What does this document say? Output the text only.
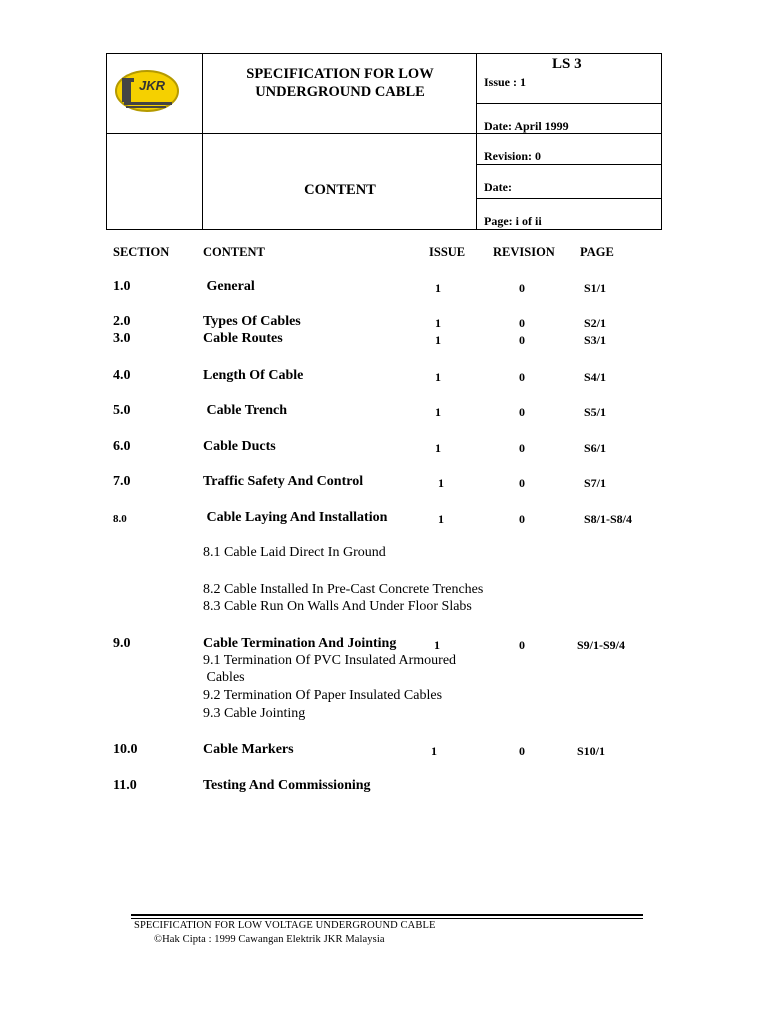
JKR
SPECIFICATION FOR LOW
UNDERGROUND CABLE
CONTENT
LS 3
Issue : 1
Date: April 1999
Revision: 0
Date:
Page: i of ii
SECTION	CONTENT	ISSUE REVISION PAGE
1.0	General	1	0	S1/1
2.0	Types Of Cables	1	0	S2/1
3.0	Cable Routes	1	0	S3/1
4.0	Length Of Cable	1	0	S4/1
5.0	Cable Trench	1	0	S5/1
6.0	Cable Ducts	1	0	S6/1
7.0	Traffic Safety And Control	1	0	S7/1
8.0	Cable Laying And Installation	1	0	S8/1-S8/4
8.1 Cable Laid Direct In Ground
8.2 Cable Installed In Pre-Cast Concrete Trenches
8.3 Cable Run On Walls And Under Floor Slabs
9.0	Cable Termination And Jointing	1	0	S9/1-S9/4
9.1 Termination Of PVC Insulated Armoured
Cables
9.2 Termination Of Paper Insulated Cables
9.3 Cable Jointing
10.0	Cable Markers	1	0	S10/1
11.0	Testing And Commissioning
SPECIFICATION FOR LOW VOLTAGE UNDERGROUND CABLE
©Hak Cipta : 1999 Cawangan Elektrik JKR Malaysia
